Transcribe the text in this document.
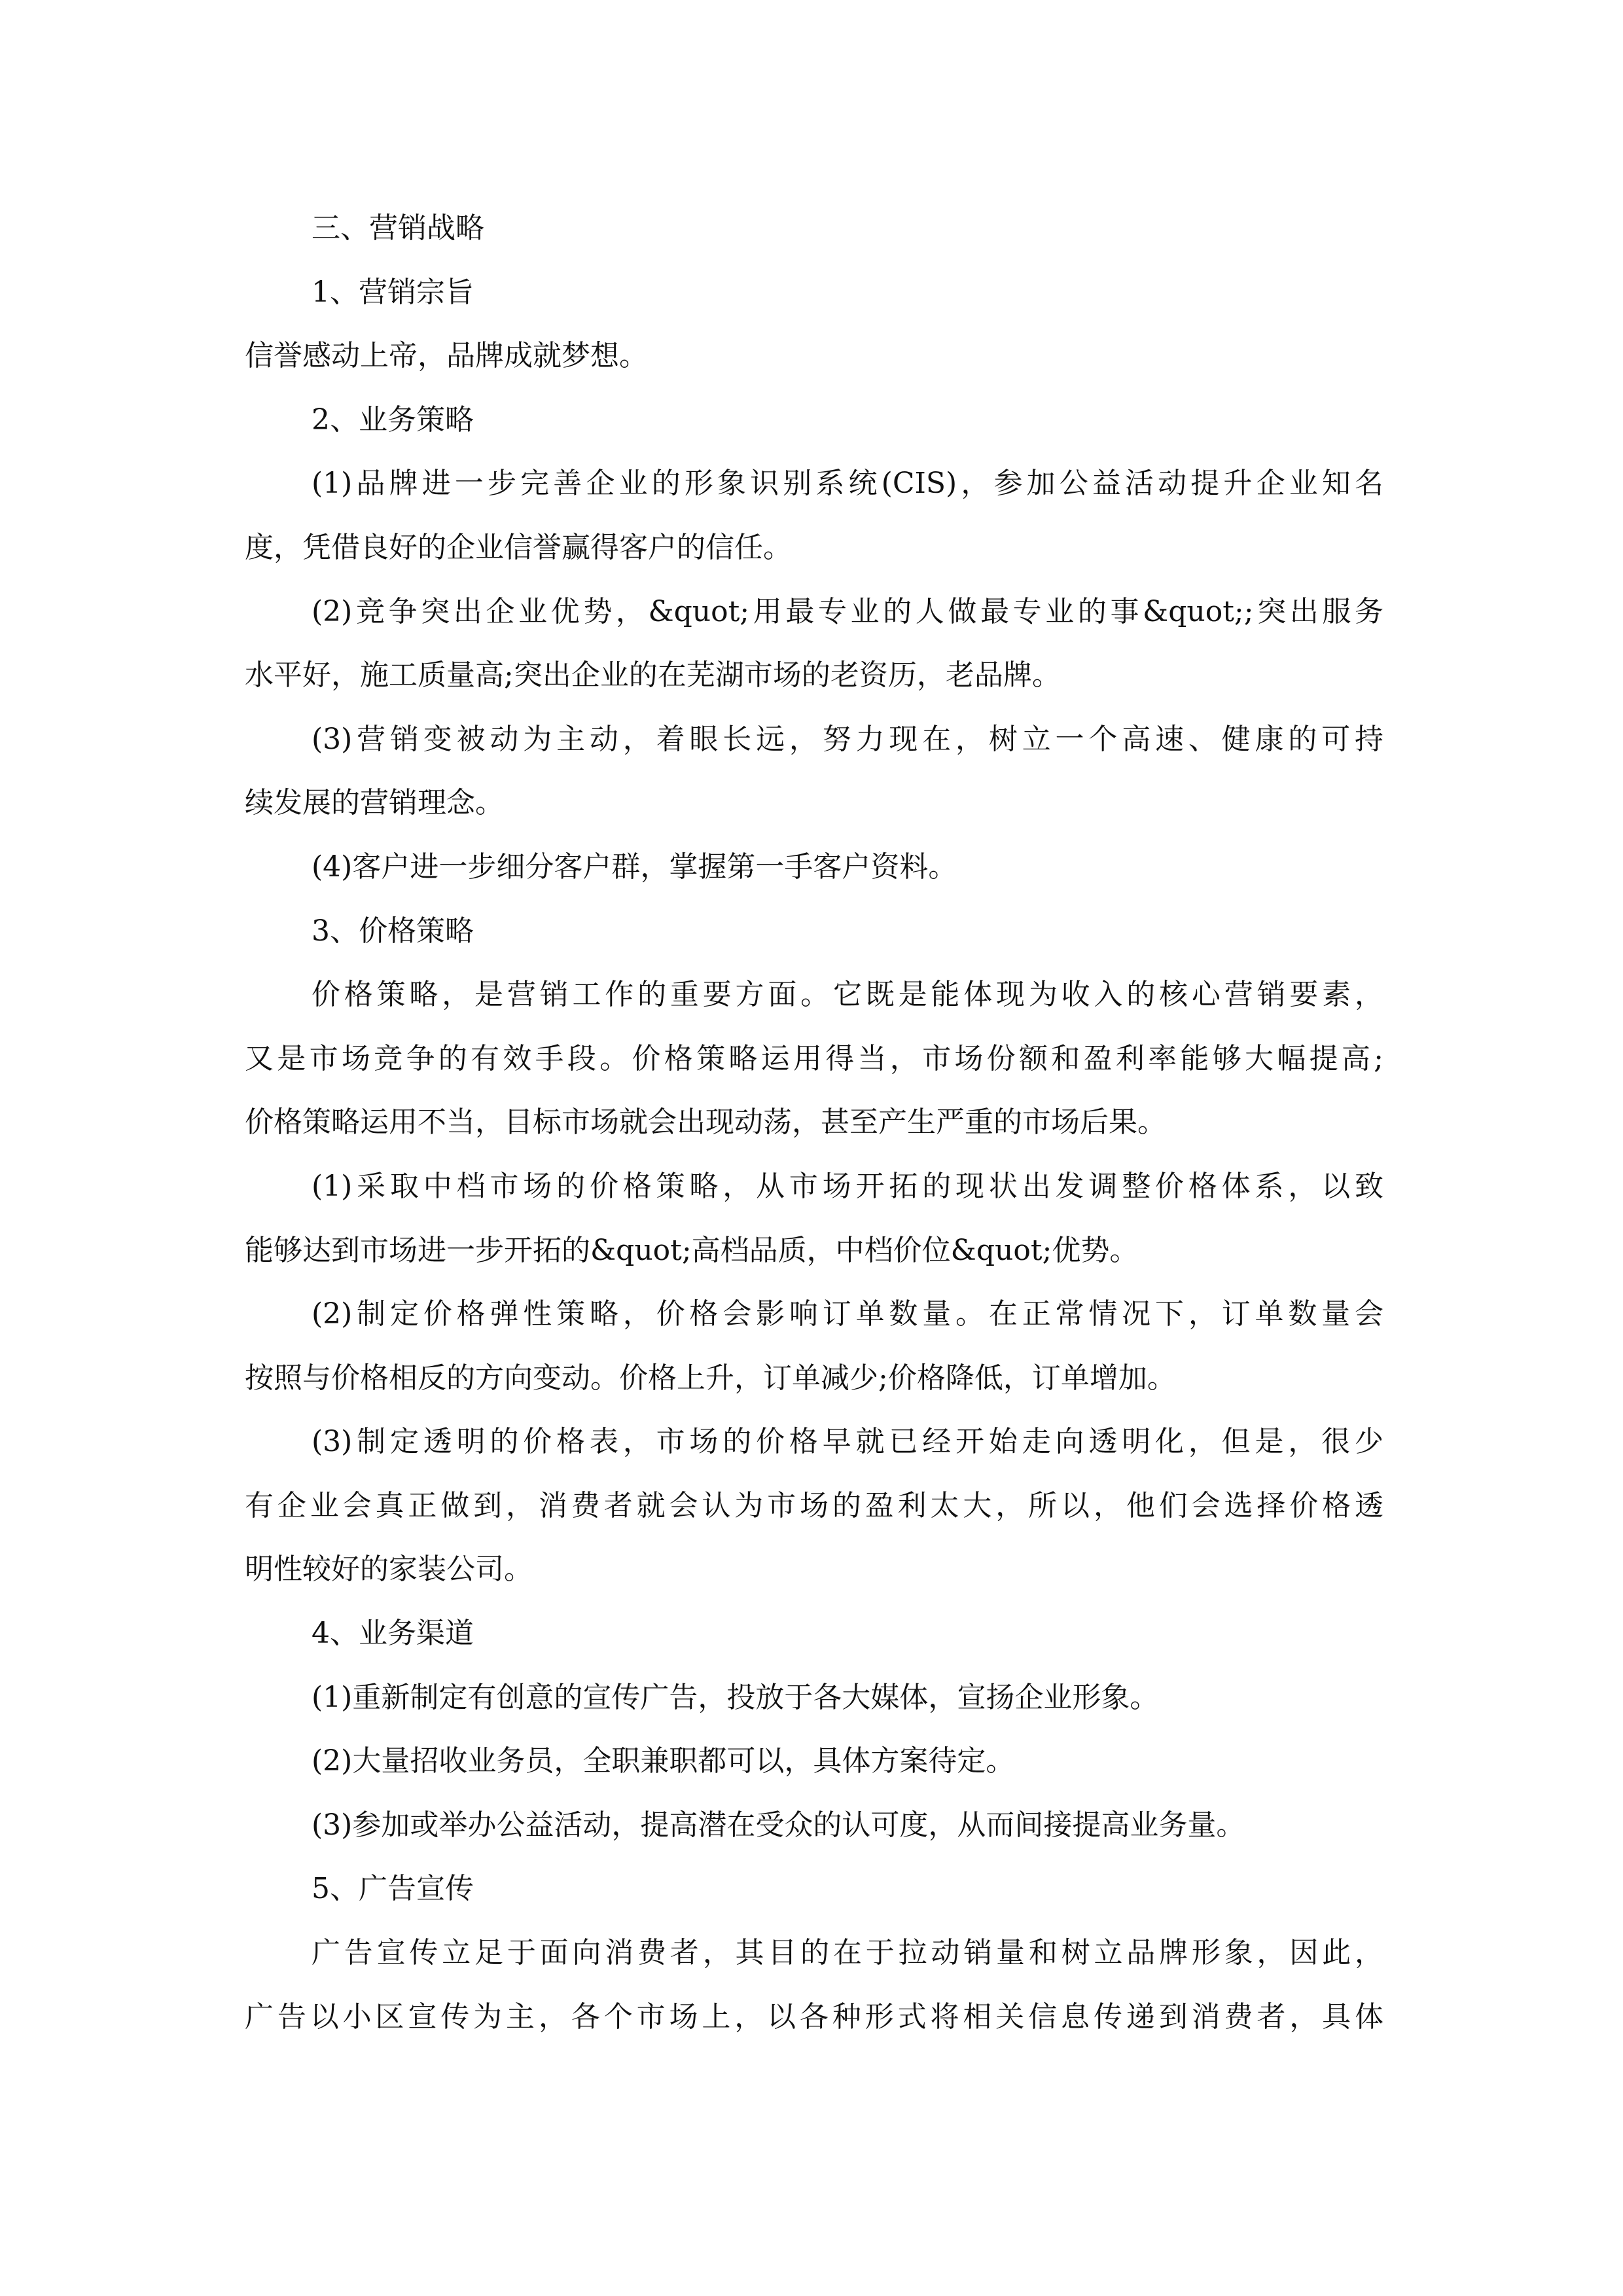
三、营销战略
1、营销宗旨
信誉感动上帝，品牌成就梦想。
2、业务策略
(1)品牌进一步完善企业的形象识别系统(CIS)，参加公益活动提升企业知名
度，凭借良好的企业信誉赢得客户的信任。
(2)竞争突出企业优势，&quot;用最专业的人做最专业的事&quot;;突出服务
水平好，施工质量高;突出企业的在芜湖市场的老资历，老品牌。
(3)营销变被动为主动，着眼长远，努力现在，树立一个高速、健康的可持
续发展的营销理念。
(4)客户进一步细分客户群，掌握第一手客户资料。
3、价格策略
价格策略，是营销工作的重要方面。它既是能体现为收入的核心营销要素，
又是市场竞争的有效手段。价格策略运用得当，市场份额和盈利率能够大幅提高;
价格策略运用不当，目标市场就会出现动荡，甚至产生严重的市场后果。
(1)采取中档市场的价格策略，从市场开拓的现状出发调整价格体系，以致
能够达到市场进一步开拓的&quot;高档品质，中档价位&quot;优势。
(2)制定价格弹性策略，价格会影响订单数量。在正常情况下，订单数量会
按照与价格相反的方向变动。价格上升，订单减少;价格降低，订单增加。
(3)制定透明的价格表，市场的价格早就已经开始走向透明化，但是，很少
有企业会真正做到，消费者就会认为市场的盈利太大，所以，他们会选择价格透
明性较好的家装公司。
4、业务渠道
(1)重新制定有创意的宣传广告，投放于各大媒体，宣扬企业形象。
(2)大量招收业务员，全职兼职都可以，具体方案待定。
(3)参加或举办公益活动，提高潜在受众的认可度，从而间接提高业务量。
5、广告宣传
广告宣传立足于面向消费者，其目的在于拉动销量和树立品牌形象，因此，
广告以小区宣传为主，各个市场上，以各种形式将相关信息传递到消费者，具体
